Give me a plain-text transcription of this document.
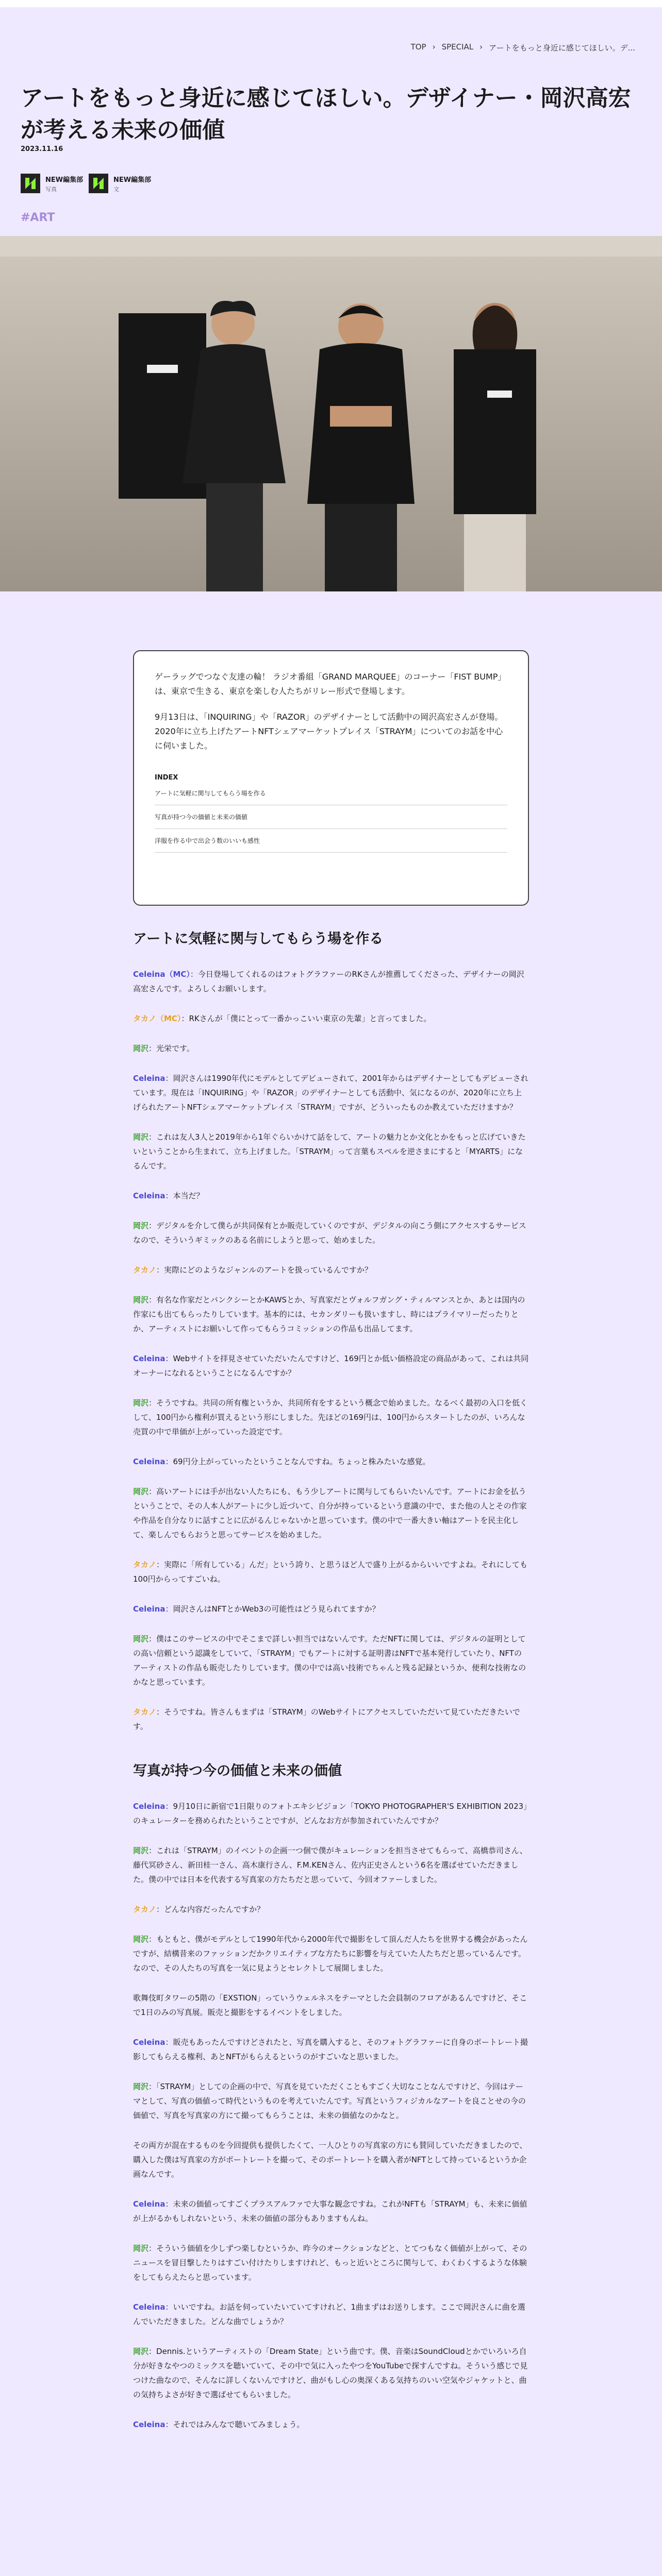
TOP › SPECIAL › アートをもっと身近に感じてほしい。デ...
アートをもっと身近に感じてほしい。デザイナー・岡沢高宏が考える未来の価値
2023.11.16
NEW編集部
写真
NEW編集部
文
#ART

ゲーラッグでつなぐ友達の輪！ ラジオ番組「GRAND MARQUEE」のコーナー「FIST BUMP」は、東京で生きる、東京を楽しむ人たちがリレー形式で登場します。

9月13日は、「INQUIRING」や「RAZOR」のデザイナーとして活動中の岡沢高宏さんが登場。2020年に立ち上げたアートNFTシェアマーケットプレイス「STRAYM」についてのお話を中心に伺いました。

INDEX
アートに気軽に関与してもらう場を作る
写真が持つ今の価値と未来の価値
洋服を作る中で出会う数のいいも感性
アートに気軽に関与してもらう場を作る

Celeina（MC）：今日登場してくれるのはフォトグラファーのRKさんが推薦してくださった、デザイナーの岡沢高宏さんです。よろしくお願いします。

タカノ（MC）：RKさんが「僕にとって一番かっこいい東京の先輩」と言ってました。

岡沢：光栄です。

Celeina：岡沢さんは1990年代にモデルとしてデビューされて、2001年からはデザイナーとしてもデビューされています。現在は「INQUIRING」や「RAZOR」のデザイナーとしても活動中、気になるのが、2020年に立ち上げられたアートNFTシェアマーケットプレイス「STRAYM」ですが、どういったものか教えていただけますか？

岡沢：これは友人3人と2019年から1年ぐらいかけて話をして、アートの魅力とか文化とかをもっと広げていきたいということから生まれて、立ち上げました。「STRAYM」って言葉もスペルを逆さまにすると「MYARTS」になるんです。

Celeina：本当だ？

岡沢：デジタルを介して僕らが共同保有とか販売していくのですが、デジタルの向こう側にアクセスするサービスなので、そういうギミックのある名前にしようと思って、始めました。

タカノ：実際にどのようなジャンルのアートを扱っているんですか？

岡沢：有名な作家だとバンクシーとかKAWSとか、写真家だとヴォルフガング・ティルマンスとか、あとは国内の作家にも出てもらったりしています。基本的には、セカンダリーも扱いますし、時にはプライマリーだったりとか、アーティストにお願いして作ってもらうコミッションの作品も出品してます。

Celeina：Webサイトを拝見させていただいたんですけど、169円とか低い価格設定の商品があって、これは共同オーナーになれるということになるんですか？

岡沢：そうですね。共同の所有権というか、共同所有をするという概念で始めました。なるべく最初の入口を低くして、100円から権利が買えるという形にしました。先ほどの169円は、100円からスタートしたのが、いろんな売買の中で単価が上がっていった設定です。

Celeina：69円分上がっていったということなんですね。ちょっと株みたいな感覚。

岡沢：高いアートには手が出ない人たちにも、もう少しアートに関与してもらいたいんです。アートにお金を払うということで、その人本人がアートに少し近づいて、自分が持っているという意識の中で、また他の人とその作家や作品を自分なりに話すことに広がるんじゃないかと思っています。僕の中で一番大きい軸はアートを民主化して、楽しんでもらおうと思ってサービスを始めました。

タカノ：実際に「所有している」んだ」という誇り、と思うほど人で盛り上がるからいいですよね。それにしても100円からってすごいね。

Celeina：岡沢さんはNFTとかWeb3の可能性はどう見られてますか？

岡沢：僕はこのサービスの中でそこまで詳しい担当ではないんです。ただNFTに関しては、デジタルの証明としての高い信頼という認識をしていて、「STRAYM」でもアートに対する証明書はNFTで基本発行していたり、NFTのアーティストの作品も販売したりしています。僕の中では高い技術でちゃんと残る記録というか、便利な技術なのかなと思っています。

タカノ：そうですね。皆さんもまずは「STRAYM」のWebサイトにアクセスしていただいて見ていただきたいです。

写真が持つ今の価値と未来の価値

Celeina：9月10日に新宿で1日限りのフォトエキシビジョン「TOKYO PHOTOGRAPHER'S EXHIBITION 2023」のキュレーターを務められたということですが、どんなお方が参加されていたんですか？

岡沢：これは「STRAYM」のイベントの企画一つ個で僕がキュレーションを担当させてもらって、高橋恭司さん、藤代冥砂さん、新田桂一さん、高木康行さん、F.M.KENさん、佐内正史さんという6名を選ばせていただきました。僕の中では日本を代表する写真家の方たちだと思っていて、今回オファーしました。

タカノ：どんな内容だったんですか？

岡沢：もともと、僕がモデルとして1990年代から2000年代で撮影をして頂んだ人たちを世界する機会があったんですが、結構昔来のファッションだかクリエイティブな方たちに影響を与えていた人たちだと思っているんです。なので、その人たちの写真を一気に見ようとセレクトして展開しました。

歌舞伎町タワーの5階の「EXSTION」っていうウェルネスをテーマとした会員制のフロアがあるんですけど、そこで1日のみの写真展。販売と撮影をするイベントをしました。

Celeina：販売もあったんですけどされたと、写真を購入すると、そのフォトグラファーに自身のポートレート撮影してもらえる権利、あとNFTがもらえるというのがすごいなと思いました。

岡沢：「STRAYM」としての企画の中で、写真を見ていただくこともすごく大切なことなんですけど、今回はテーマとして、写真の価値って時代というものを考えていたんです。写真というフィジカルなアートを良ことせの今の価値で、写真を写真家の方にて撮ってもらうことは、未来の価値なのかなと。

その両方が混在するものを今回提供も提供したくて、一人ひとりの写真家の方にも賛同していただきましたので、購入した僕は写真家の方がポートレートを撮って、そのポートレートを購入者がNFTとして持っているというか企画なんです。

Celeina：未来の価値ってすごくプラスアルファで大事な観念ですね。これがNFTも「STRAYM」も、未来に価値が上がるかもしれないという、未来の価値の部分もありますもんね。

岡沢：そういう価値を少しずつ楽しむというか、昨今のオークションなどと、とてつもなく価値が上がって、そのニュースを冒目撃したりはすごい付けたりしますけれど、もっと近いところに関与して、わくわくするような体験をしてもらえたらと思っています。

Celeina：いいですね。お話を伺っていたいていてすけれど、1曲まずはお送りします。ここで岡沢さんに曲を選んでいただきました。どんな曲でしょうか？

岡沢：Dennis.というアーティストの「Dream State」という曲です。僕、音楽はSoundCloudとかでいろいろ自分が好きなやつのミックスを聴いていて、その中で気に入ったやつをYouTubeで探すんですね。そういう感じで見つけた曲なので、そんなに詳しくないんですけど、曲がもし心の奥深くある気持ちのいい空気やジャケットと、曲の気持ちよさが好きで選ばせてもらいました。

Celeina：それではみんなで聴いてみましょう。
